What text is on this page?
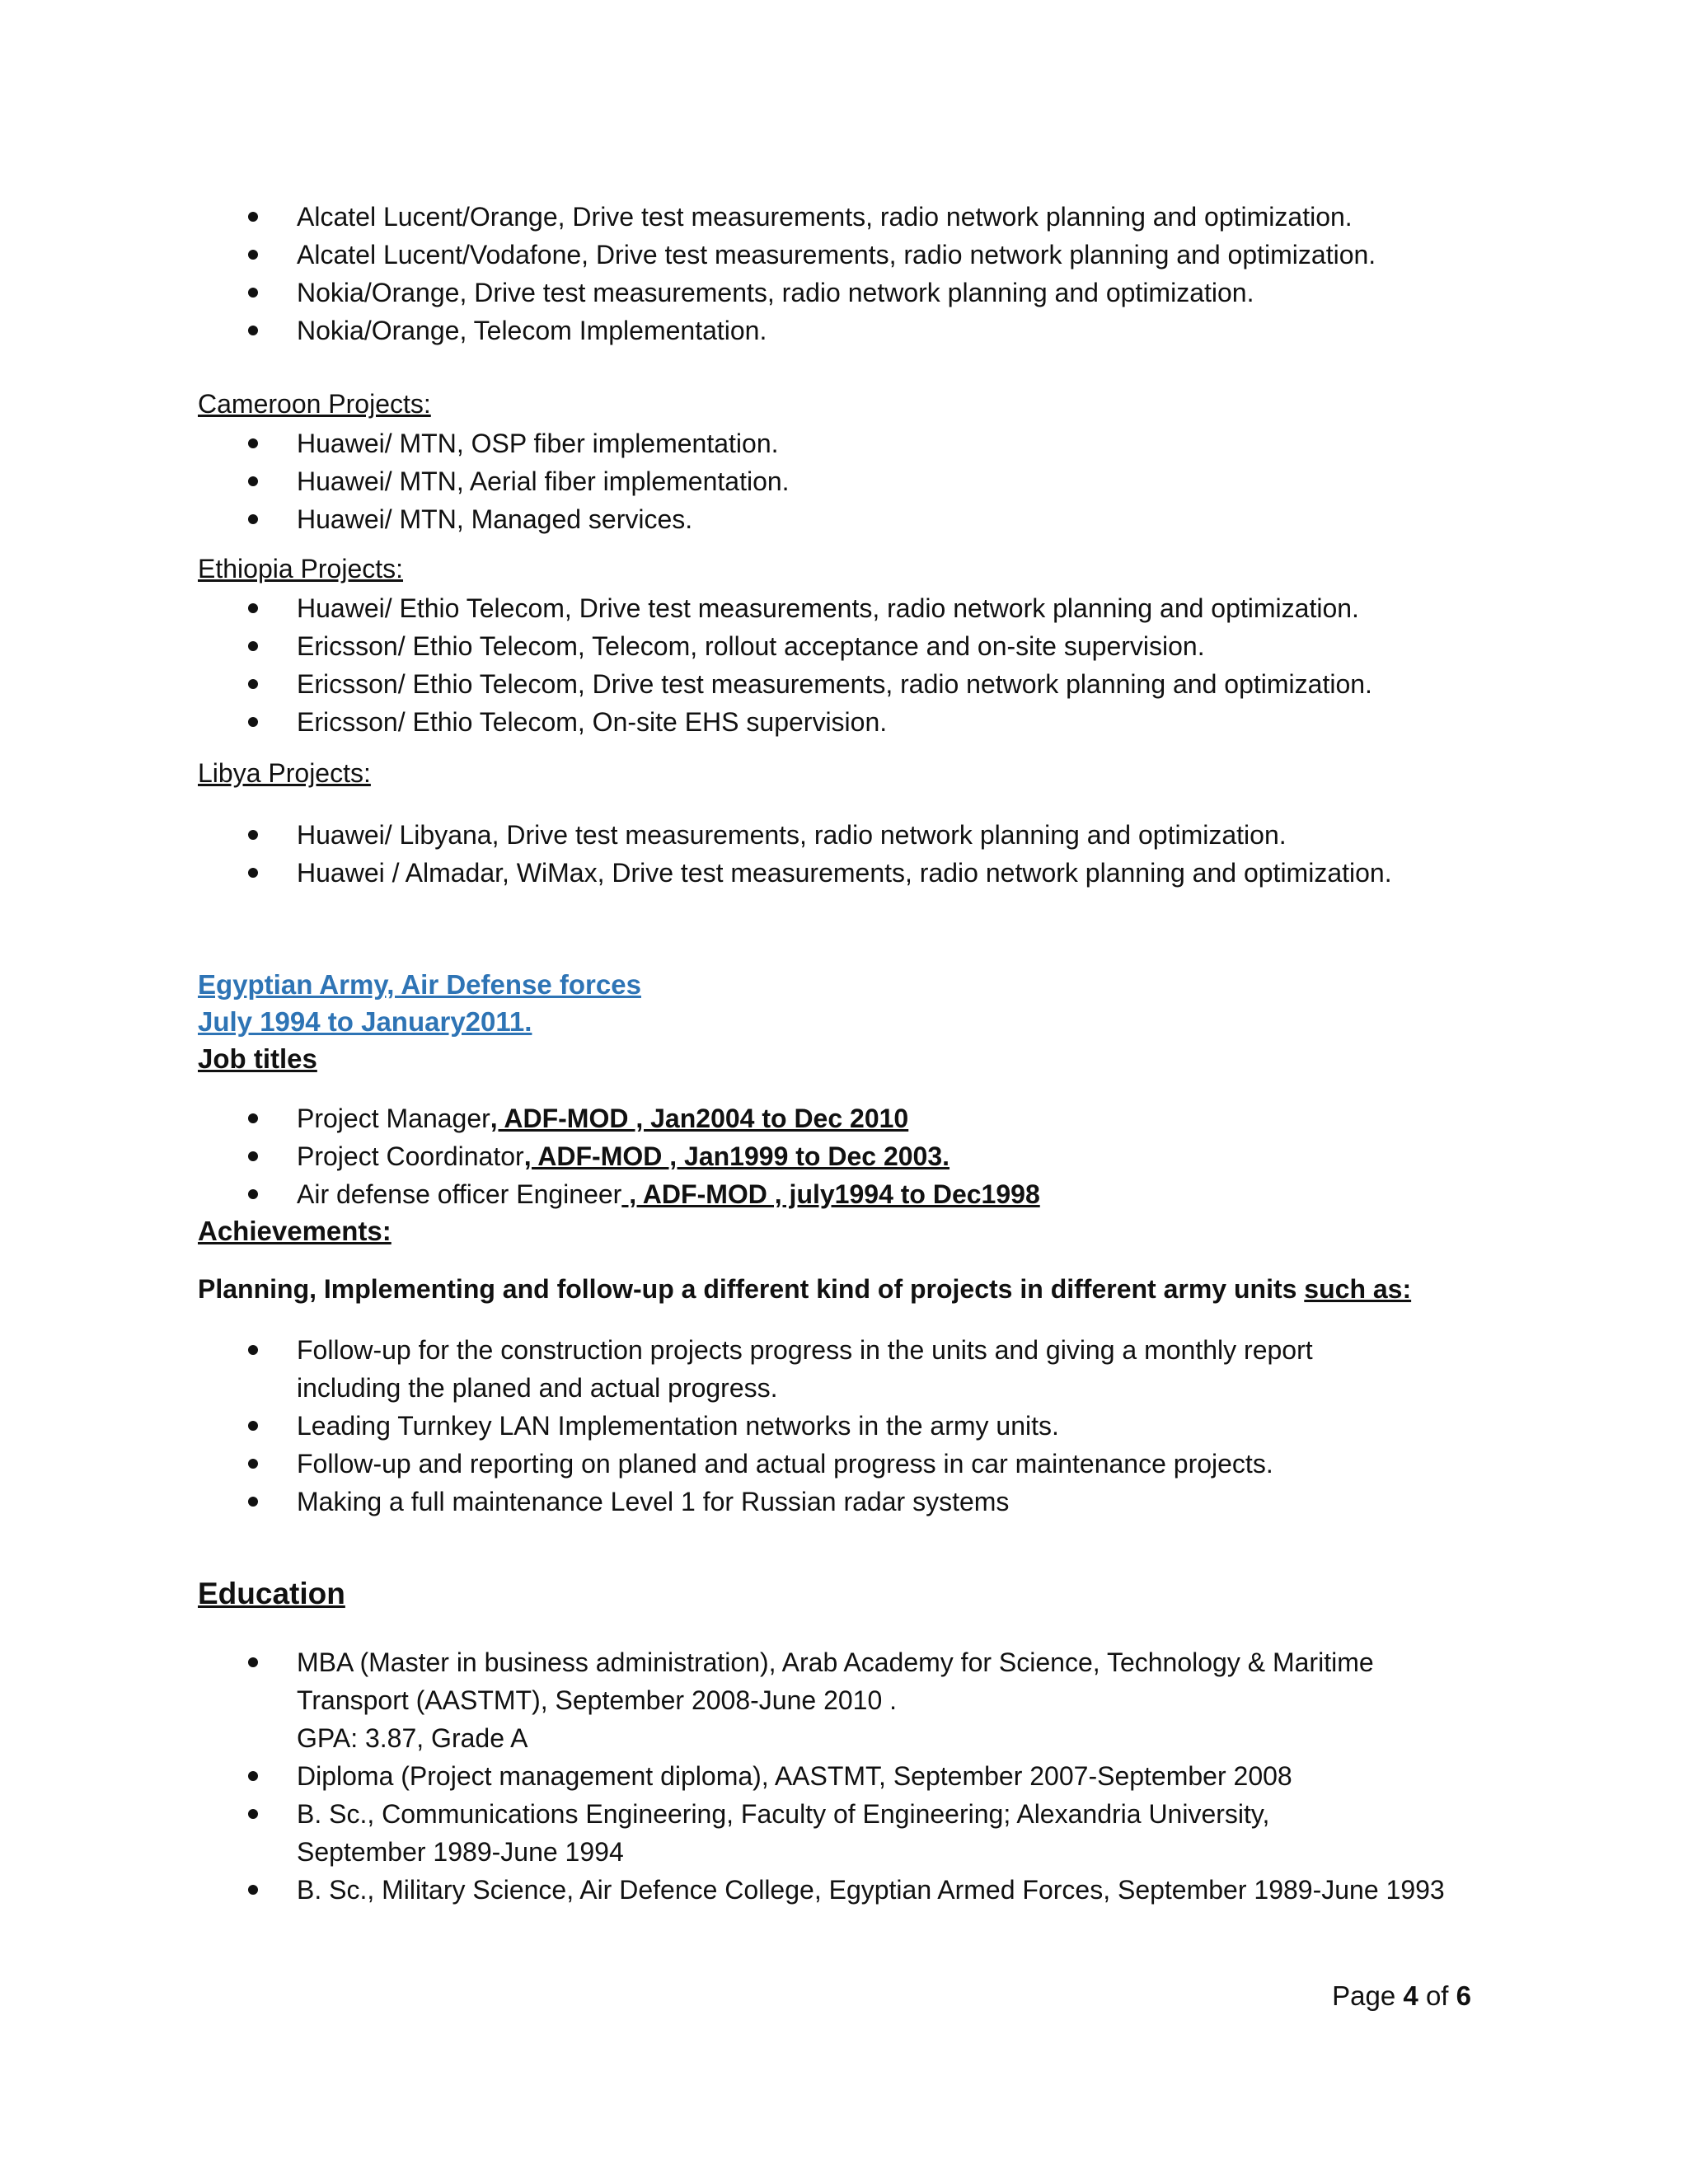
Alcatel Lucent/Orange, Drive test measurements, radio network planning and optimization.
Alcatel Lucent/Vodafone, Drive test measurements, radio network planning and optimization.
Nokia/Orange, Drive test measurements, radio network planning and optimization.
Nokia/Orange, Telecom Implementation.

Cameroon Projects:

Huawei/ MTN, OSP fiber implementation.
Huawei/ MTN, Aerial fiber implementation.
Huawei/ MTN, Managed services.

Ethiopia Projects:

Huawei/ Ethio Telecom, Drive test measurements, radio network planning and optimization.
Ericsson/ Ethio Telecom, Telecom, rollout acceptance and on-site supervision.
Ericsson/ Ethio Telecom, Drive test measurements, radio network planning and optimization.
Ericsson/ Ethio Telecom, On-site EHS supervision.

Libya Projects:

Huawei/ Libyana, Drive test measurements, radio network planning and optimization.
Huawei / Almadar, WiMax, Drive test measurements, radio network planning and optimization.

Egyptian Army, Air Defense forces

July 1994 to January2011.

Job titles

Project Manager, ADF-MOD , Jan2004 to Dec 2010
Project Coordinator, ADF-MOD , Jan1999 to Dec 2003.
Air defense officer Engineer , ADF-MOD , july1994 to Dec1998

Achievements:

Planning, Implementing and follow-up a different kind of projects in different army units such as:

Follow-up for the construction projects progress in the units and giving a monthly report
including the planed and actual progress.
Leading Turnkey LAN Implementation networks in the army units.
Follow-up and reporting on planed and actual progress in car maintenance projects.
Making a full maintenance Level 1 for Russian radar systems

Education

MBA (Master in business administration), Arab Academy for Science, Technology & Maritime
Transport (AASTMT), September 2008-June 2010 .
GPA: 3.87, Grade A
Diploma (Project management diploma), AASTMT, September 2007-September 2008
B. Sc., Communications Engineering, Faculty of Engineering; Alexandria University,
September 1989-June 1994
B. Sc., Military Science, Air Defence College, Egyptian Armed Forces, September 1989-June 1993
Page 4 of 6
